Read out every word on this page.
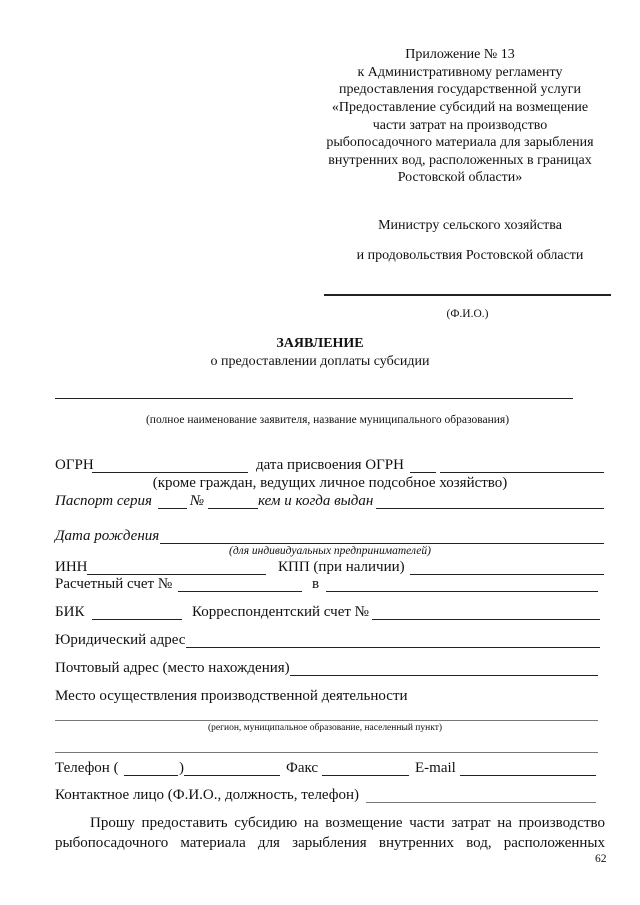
Приложение № 13
к Административному регламенту
предоставления государственной услуги
«Предоставление субсидий на возмещение
части затрат на производство
рыбопосадочного материала для зарыбления
внутренних вод, расположенных в границах
Ростовской области»
Министру сельского хозяйства
и продовольствия Ростовской области
(Ф.И.О.)
ЗАЯВЛЕНИЕ
о предоставлении доплаты субсидии
(полное наименование заявителя, название муниципального образования)
ОГРН	дата присвоения ОГРН
(кроме граждан, ведущих личное подсобное хозяйство)
Паспорт серия	№	кем и когда выдан
Дата рождения
(для индивидуальных предпринимателей)
ИНН	КПП (при наличии)
Расчетный счет №	в
БИК	Корреспондентский счет №
Юридический адрес
Почтовый адрес (место нахождения)
Место осуществления производственной деятельности
(регион, муниципальное образование, населенный пункт)
Телефон (	)	Факс	E-mail
Контактное лицо (Ф.И.О., должность, телефон)
Прошу предоставить субсидию на возмещение части затрат на производство
рыбопосадочного материала для зарыбления внутренних вод, расположенных
62
